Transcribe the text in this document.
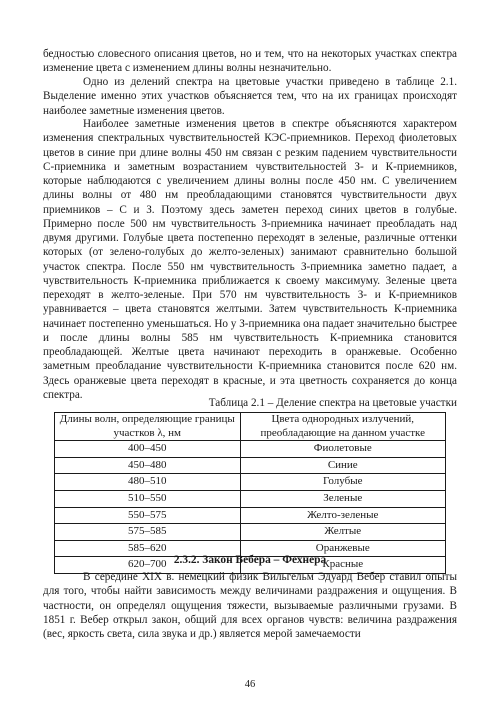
бедностью словесного описания цветов, но и тем, что на некоторых участках спектра изменение цвета с изменением длины волны незначительно.

Одно из делений спектра на цветовые участки приведено в таблице 2.1. Выделение именно этих участков объясняется тем, что на их границах происходят наиболее заметные изменения цветов.

Наиболее заметные изменения цветов в спектре объясняются характером изменения спектральных чувствительностей КЭС-приемников. Переход фиолетовых цветов в синие при длине волны 450 нм связан с резким падением чувствительности С-приемника и заметным возрастанием чувствительностей З- и К-приемников, которые наблюдаются с увеличением длины волны после 450 нм. С увеличением длины волны от 480 нм преобладающими становятся чувствительности двух приемников – С и З. Поэтому здесь заметен переход синих цветов в голубые. Примерно после 500 нм чувствительность З-приемника начинает преобладать над двумя другими. Голубые цвета постепенно переходят в зеленые, различные оттенки которых (от зелено-голубых до желто-зеленых) занимают сравнительно большой участок спектра. После 550 нм чувствительность З-приемника заметно падает, а чувствительность К-приемника приближается к своему максимуму. Зеленые цвета переходят в желто-зеленые. При 570 нм чувствительность З- и К-приемников уравнивается – цвета становятся желтыми. Затем чувствительность К-приемника начинает постепенно уменьшаться. Но у З-приемника она падает значительно быстрее и после длины волны 585 нм чувствительность К-приемника становится преобладающей. Желтые цвета начинают переходить в оранжевые. Особенно заметным преобладание чувствительности К-приемника становится после 620 нм. Здесь оранжевые цвета переходят в красные, и эта цветность сохраняется до конца спектра.

Таблица 2.1 – Деление спектра на цветовые участки
Длины волн, определяющие границы участков λ, нм	Цвета однородных излучений, преобладающие на данном участке
400–450	Фиолетовые
450–480	Синие
480–510	Голубые
510–550	Зеленые
550–575	Желто-зеленые
575–585	Желтые
585–620	Оранжевые
620–700	Красные
2.3.2. Закон Вебера – Фехнера

В середине XIX в. немецкий физик Вильгельм Эдуард Вебер ставил опыты для того, чтобы найти зависимость между величинами раздражения и ощущения. В частности, он определял ощущения тяжести, вызываемые различными грузами. В 1851 г. Вебер открыл закон, общий для всех органов чувств: величина раздражения (вес, яркость света, сила звука и др.) является мерой замечаемости

46
